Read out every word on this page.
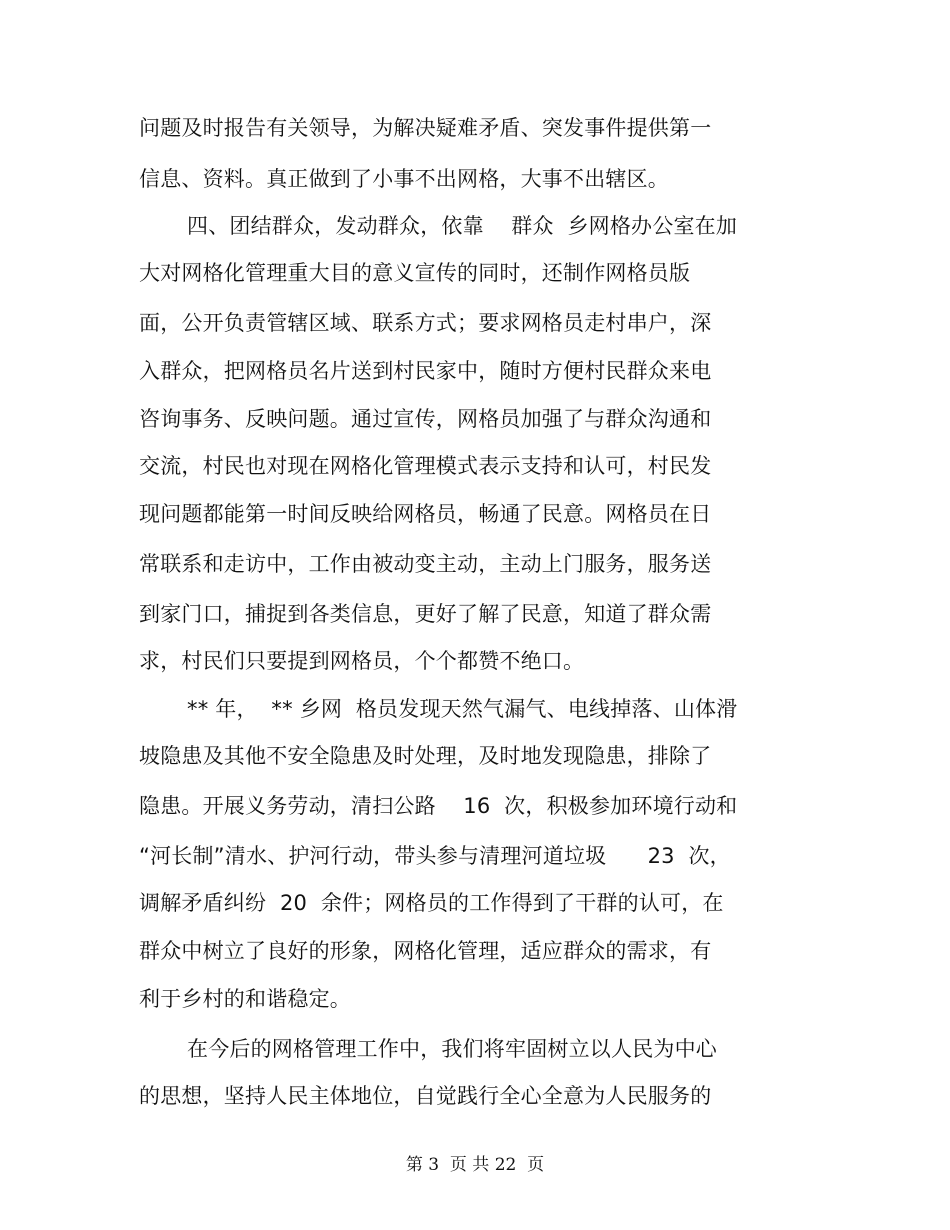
问题及时报告有关领导，为解决疑难矛盾、突发事件提供第一
信息、资料。真正做到了小事不出网格，大事不出辖区。
四、团结群众，发动群众，依靠    群众  乡网格办公室在加
大对网格化管理重大目的意义宣传的同时，还制作网格员版
面，公开负责管辖区域、联系方式；要求网格员走村串户，深
入群众，把网格员名片送到村民家中，随时方便村民群众来电
咨询事务、反映问题。通过宣传，网格员加强了与群众沟通和
交流，村民也对现在网格化管理模式表示支持和认可，村民发
现问题都能第一时间反映给网格员，畅通了民意。网格员在日
常联系和走访中，工作由被动变主动，主动上门服务，服务送
到家门口，捕捉到各类信息，更好了解了民意，知道了群众需
求，村民们只要提到网格员，个个都赞不绝口。
** 年，  ** 乡网  格员发现天然气漏气、电线掉落、山体滑
坡隐患及其他不安全隐患及时处理，及时地发现隐患，排除了
隐患。开展义务劳动，清扫公路    16  次，积极参加环境行动和
“河长制”清水、护河行动，带头参与清理河道垃圾      23  次，
调解矛盾纠纷  20  余件；网格员的工作得到了干群的认可，在
群众中树立了良好的形象，网格化管理，适应群众的需求，有
利于乡村的和谐稳定。
在今后的网格管理工作中，我们将牢固树立以人民为中心
的思想，坚持人民主体地位，自觉践行全心全意为人民服务的
第 3  页 共 22  页
